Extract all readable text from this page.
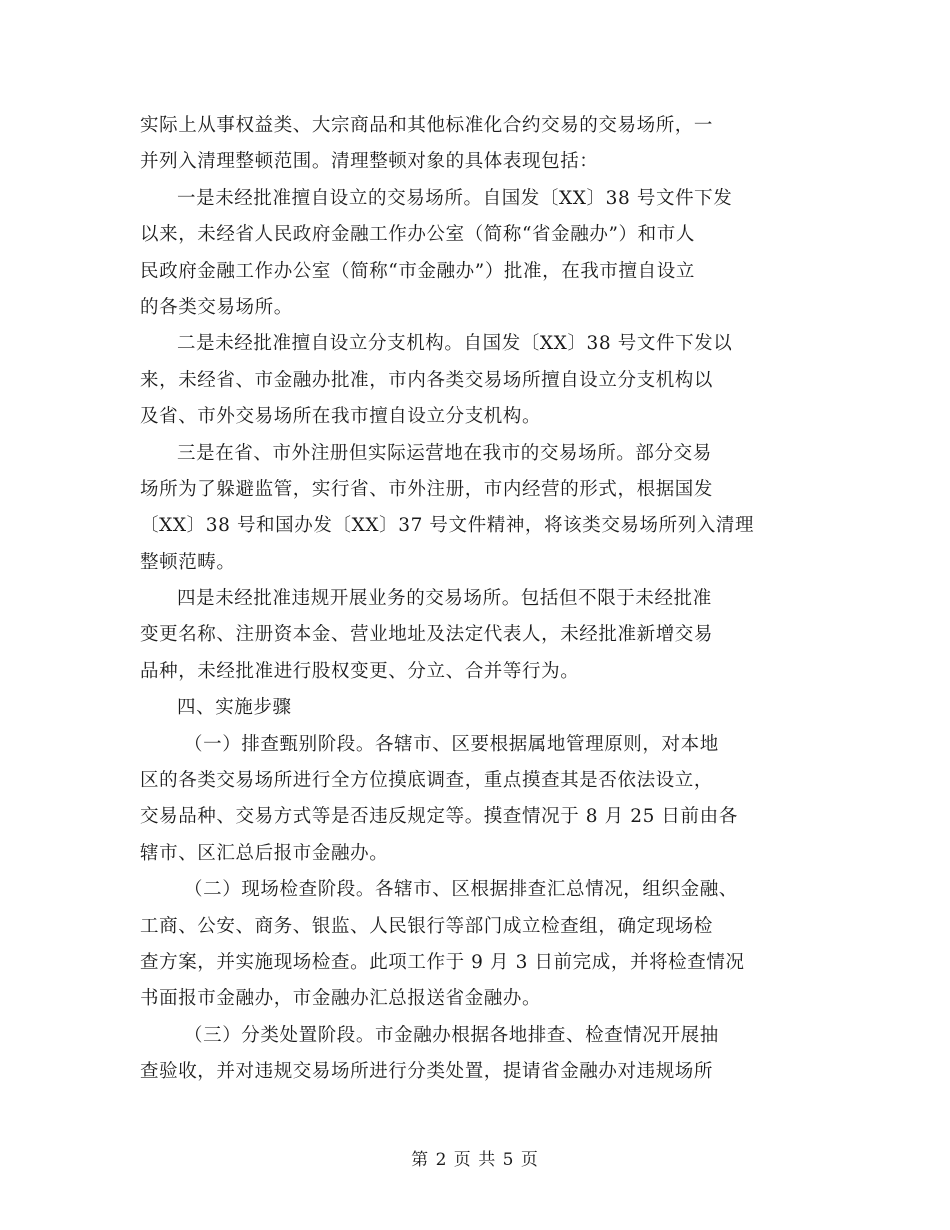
实际上从事权益类、大宗商品和其他标准化合约交易的交易场所，一
并列入清理整顿范围。清理整顿对象的具体表现包括：
一是未经批准擅自设立的交易场所。自国发〔XX〕38 号文件下发
以来，未经省人民政府金融工作办公室（简称“省金融办”）和市人
民政府金融工作办公室（简称“市金融办”）批准，在我市擅自设立
的各类交易场所。
二是未经批准擅自设立分支机构。自国发〔XX〕38 号文件下发以
来，未经省、市金融办批准，市内各类交易场所擅自设立分支机构以
及省、市外交易场所在我市擅自设立分支机构。
三是在省、市外注册但实际运营地在我市的交易场所。部分交易
场所为了躲避监管，实行省、市外注册，市内经营的形式，根据国发
〔XX〕38 号和国办发〔XX〕37 号文件精神，将该类交易场所列入清理
整顿范畴。
四是未经批准违规开展业务的交易场所。包括但不限于未经批准
变更名称、注册资本金、营业地址及法定代表人，未经批准新增交易
品种，未经批准进行股权变更、分立、合并等行为。
四、实施步骤
（一）排查甄别阶段。各辖市、区要根据属地管理原则，对本地
区的各类交易场所进行全方位摸底调查，重点摸查其是否依法设立，
交易品种、交易方式等是否违反规定等。摸查情况于 8 月 25 日前由各
辖市、区汇总后报市金融办。
（二）现场检查阶段。各辖市、区根据排查汇总情况，组织金融、
工商、公安、商务、银监、人民银行等部门成立检查组，确定现场检
查方案，并实施现场检查。此项工作于 9 月 3 日前完成，并将检查情况
书面报市金融办，市金融办汇总报送省金融办。
（三）分类处置阶段。市金融办根据各地排查、检查情况开展抽
查验收，并对违规交易场所进行分类处置，提请省金融办对违规场所
第 2 页 共 5 页
